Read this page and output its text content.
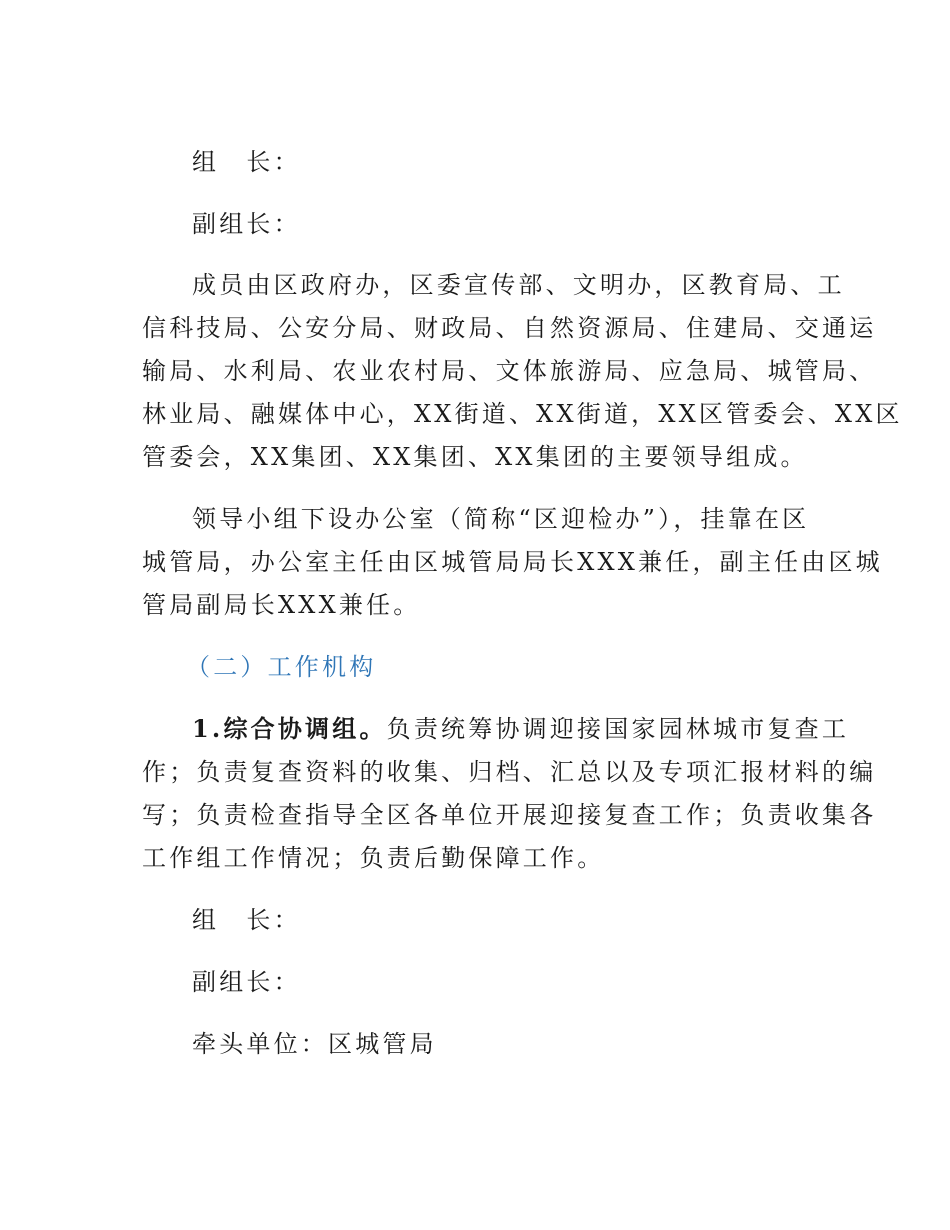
组　长：
副组长：
成员由区政府办，区委宣传部、文明办，区教育局、工
信科技局、公安分局、财政局、自然资源局、住建局、交通运
输局、水利局、农业农村局、文体旅游局、应急局、城管局、
林业局、融媒体中心，XX街道、XX街道，XX区管委会、XX区
管委会，XX集团、XX集团、XX集团的主要领导组成。
领导小组下设办公室（简称“区迎检办”），挂靠在区
城管局，办公室主任由区城管局局长XXX兼任，副主任由区城
管局副局长XXX兼任。
（二）工作机构
1.综合协调组。负责统筹协调迎接国家园林城市复查工
作；负责复查资料的收集、归档、汇总以及专项汇报材料的编
写；负责检查指导全区各单位开展迎接复查工作；负责收集各
工作组工作情况；负责后勤保障工作。
组　长：
副组长：
牵头单位：区城管局
